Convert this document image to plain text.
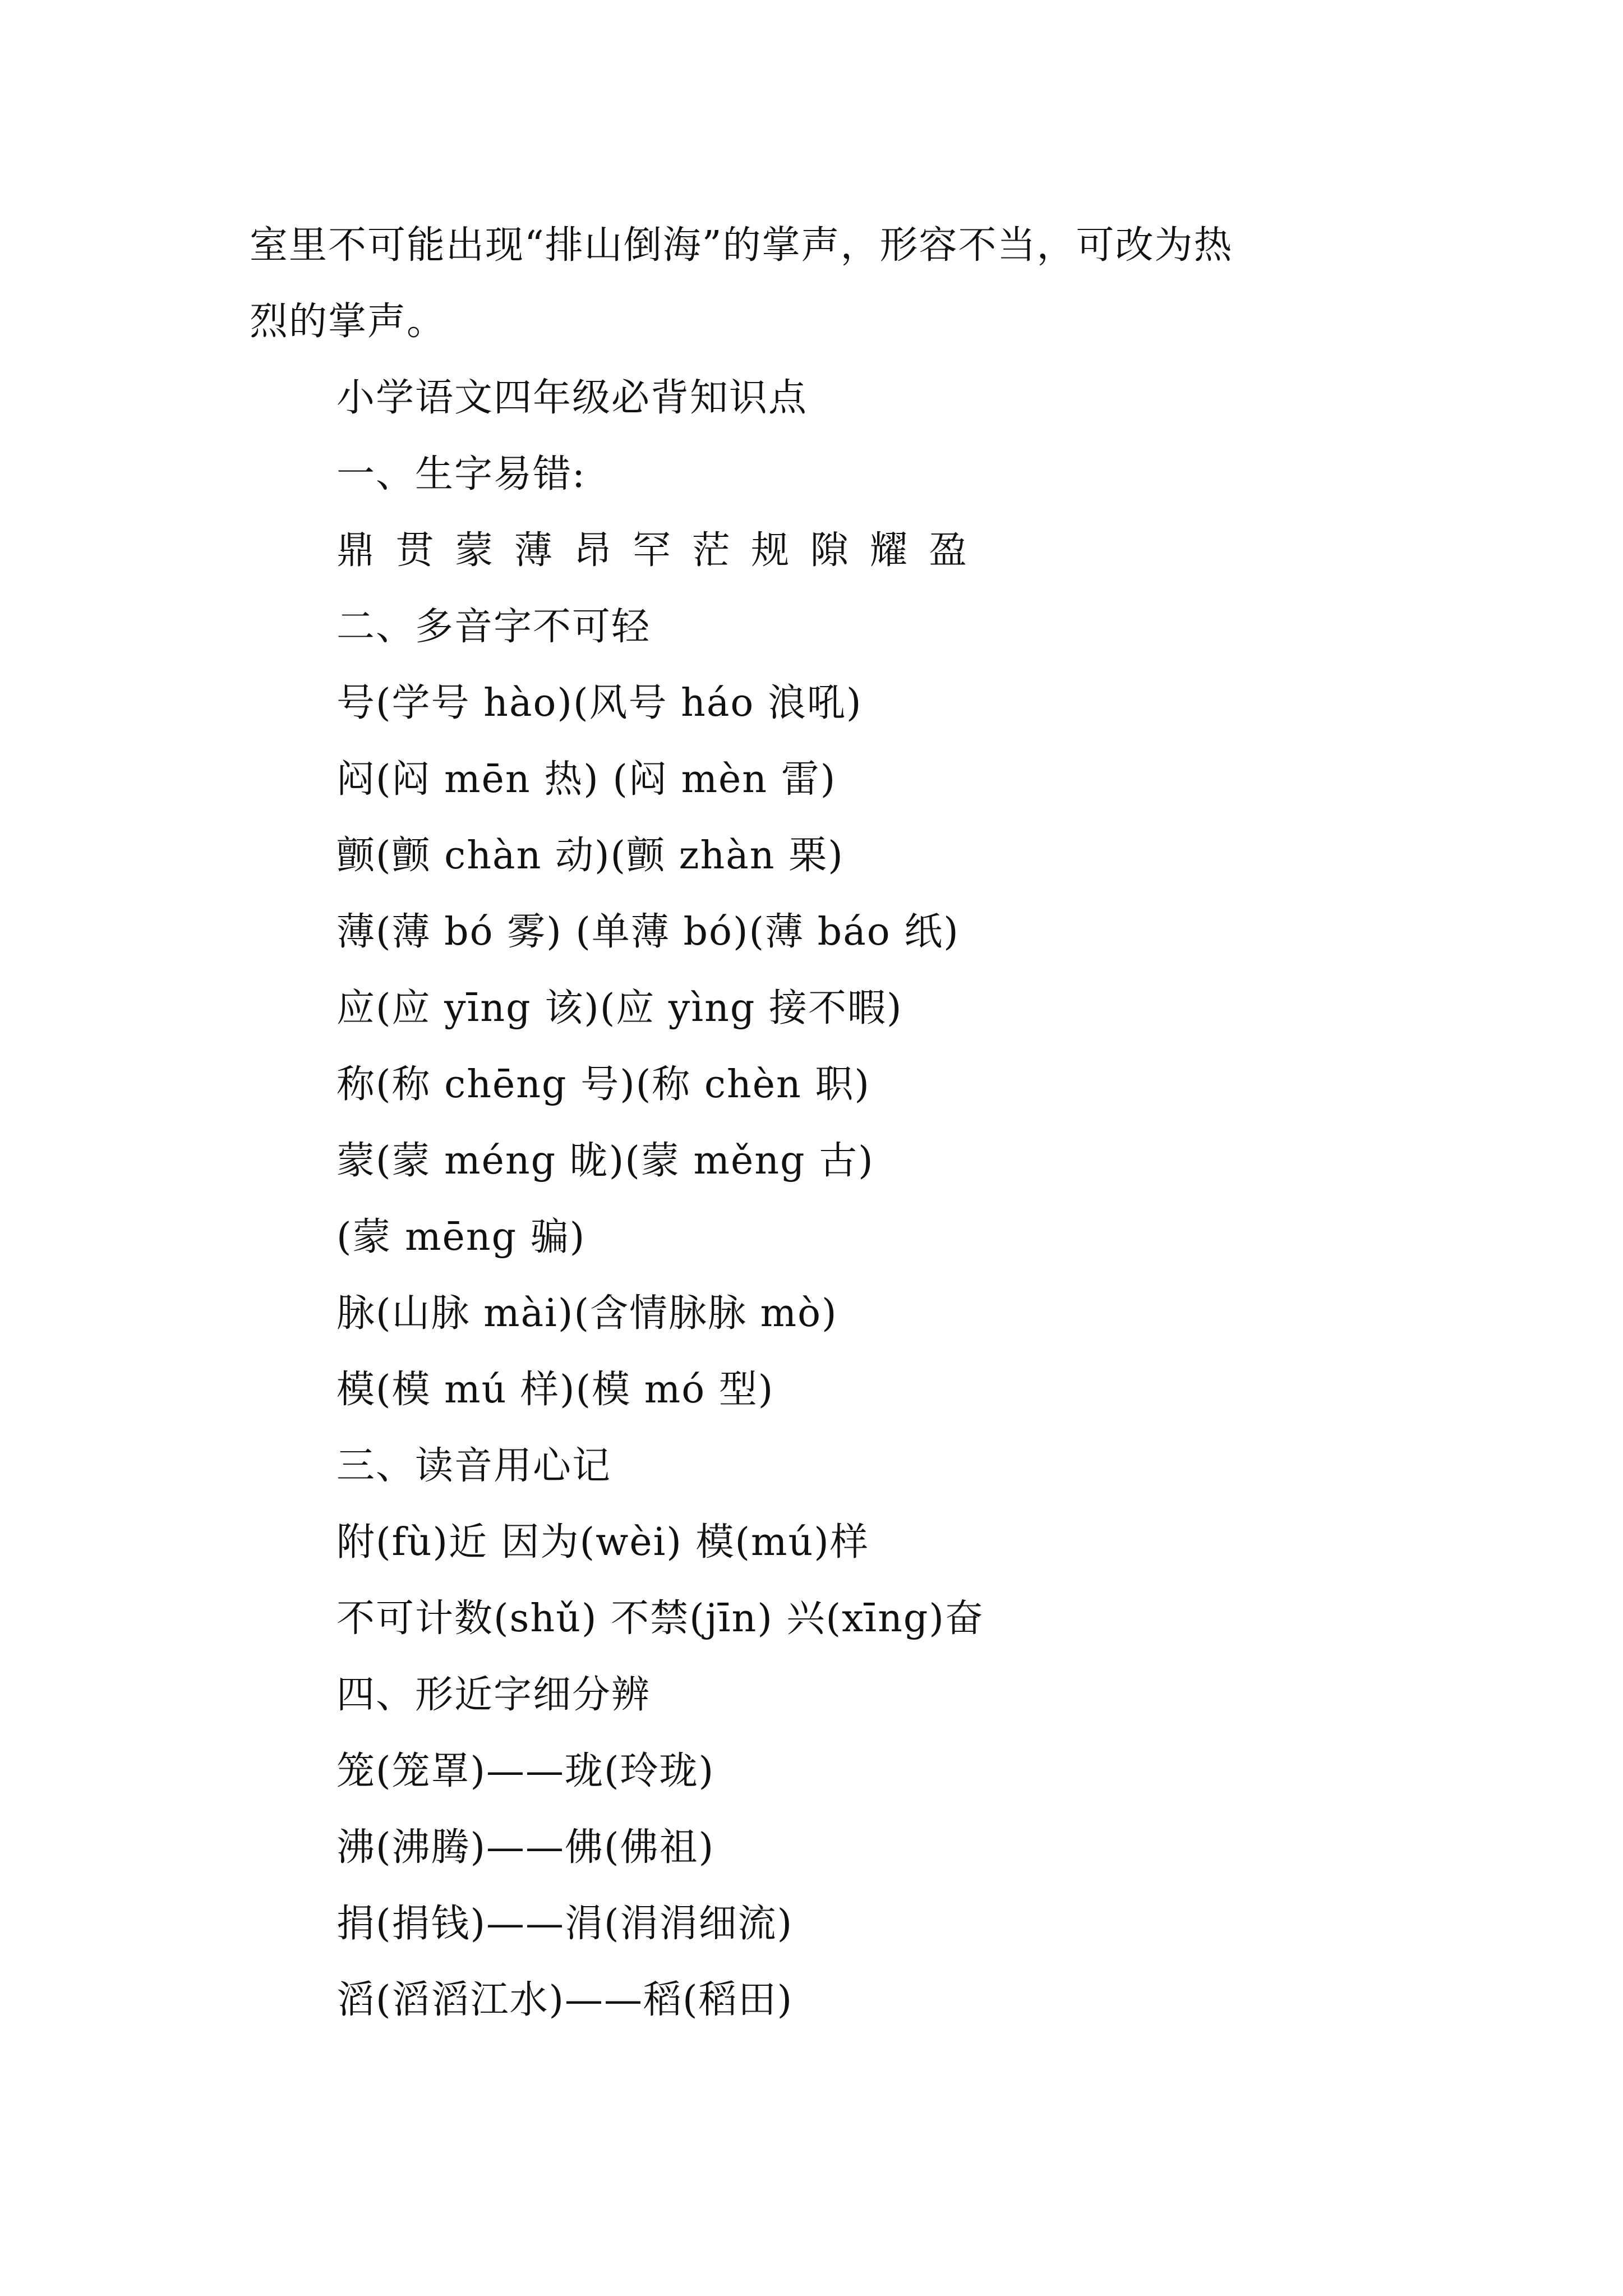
室里不可能出现“排山倒海”的掌声，形容不当，可改为热
烈的掌声。
小学语文四年级必背知识点
一、生字易错:
鼎 贯 蒙 薄 昂 罕 茫 规 隙 耀 盈
二、多音字不可轻
号(学号 hào)(风号 háo 浪吼)
闷(闷 mēn 热) (闷 mèn 雷)
颤(颤 chàn 动)(颤 zhàn 栗)
薄(薄 bó 雾) (单薄 bó)(薄 báo 纸)
应(应 yīng 该)(应 yìng 接不暇)
称(称 chēng 号)(称 chèn 职)
蒙(蒙 méng 昽)(蒙 měng 古)
(蒙 mēng 骗)
脉(山脉 mài)(含情脉脉 mò)
模(模 mú 样)(模 mó 型)
三、读音用心记
附(fù)近 因为(wèi) 模(mú)样
不可计数(shǔ) 不禁(jīn) 兴(xīng)奋
四、形近字细分辨
笼(笼罩)——珑(玲珑)
沸(沸腾)——佛(佛祖)
捐(捐钱)——涓(涓涓细流)
滔(滔滔江水)——稻(稻田)
